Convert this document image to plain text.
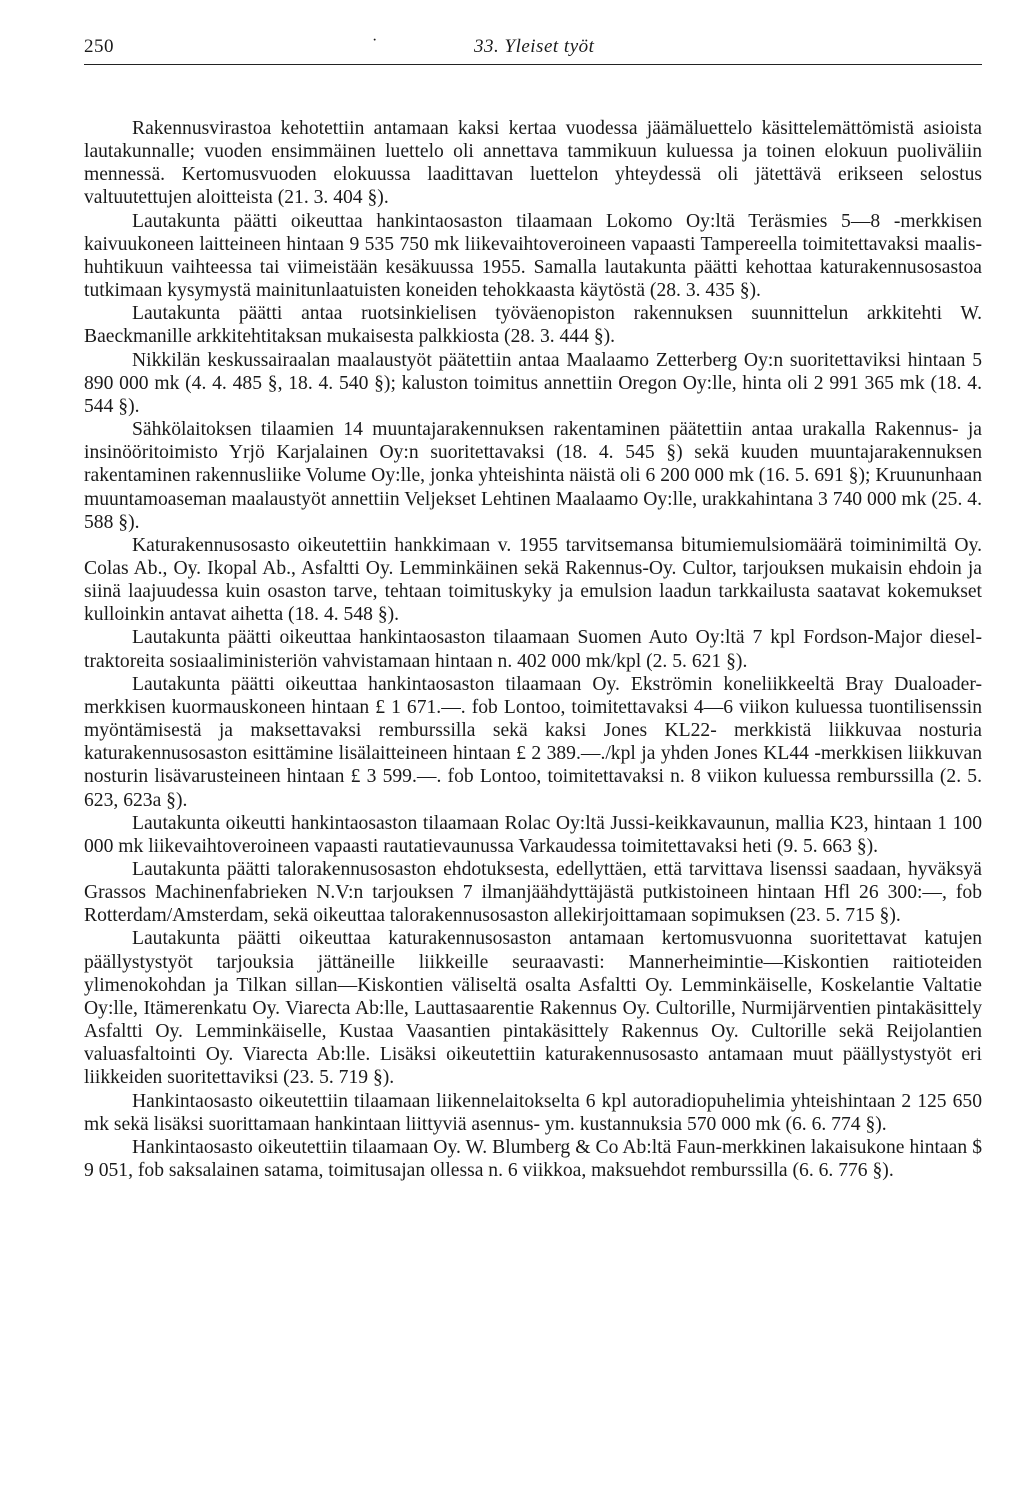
250	·	33. Yleiset työt

Rakennusvirastoa kehotettiin antamaan kaksi kertaa vuodessa jäämäluettelo käsittelemättömistä asioista lautakunnalle; vuoden ensimmäinen luettelo oli annettava tammikuun kuluessa ja toinen elokuun puoliväliin mennessä. Kertomusvuoden elokuussa laadittavan luettelon yhteydessä oli jätettävä erikseen selostus valtuutettujen aloitteista (21. 3. 404 §).

Lautakunta päätti oikeuttaa hankintaosaston tilaamaan Lokomo Oy:ltä Teräsmies 5—8 -merkkisen kaivuukoneen laitteineen hintaan 9 535 750 mk liikevaihtoveroineen vapaasti Tampereella toimitettavaksi maalis-huhtikuun vaihteessa tai viimeistään kesäkuussa 1955. Samalla lautakunta päätti kehottaa katurakennusosastoa tutkimaan kysymystä mainitunlaatuisten koneiden tehokkaasta käytöstä (28. 3. 435 §).

Lautakunta päätti antaa ruotsinkielisen työväenopiston rakennuksen suunnittelun arkkitehti W. Baeckmanille arkkitehtitaksan mukaisesta palkkiosta (28. 3. 444 §).

Nikkilän keskussairaalan maalaustyöt päätettiin antaa Maalaamo Zetterberg Oy:n suoritettaviksi hintaan 5 890 000 mk (4. 4. 485 §, 18. 4. 540 §); kaluston toimitus annettiin Oregon Oy:lle, hinta oli 2 991 365 mk (18. 4. 544 §).

Sähkölaitoksen tilaamien 14 muuntajarakennuksen rakentaminen päätettiin antaa urakalla Rakennus- ja insinööritoimisto Yrjö Karjalainen Oy:n suoritettavaksi (18. 4. 545 §) sekä kuuden muuntajarakennuksen rakentaminen rakennusliike Volume Oy:lle, jonka yhteishinta näistä oli 6 200 000 mk (16. 5. 691 §); Kruununhaan muuntamoaseman maalaustyöt annettiin Veljekset Lehtinen Maalaamo Oy:lle, urakkahintana 3 740 000 mk (25. 4. 588 §).

Katurakennusosasto oikeutettiin hankkimaan v. 1955 tarvitsemansa bitumiemulsiomäärä toiminimiltä Oy. Colas Ab., Oy. Ikopal Ab., Asfaltti Oy. Lemminkäinen sekä Rakennus-Oy. Cultor, tarjouksen mukaisin ehdoin ja siinä laajuudessa kuin osaston tarve, tehtaan toimituskyky ja emulsion laadun tarkkailusta saatavat kokemukset kulloinkin antavat aihetta (18. 4. 548 §).

Lautakunta päätti oikeuttaa hankintaosaston tilaamaan Suomen Auto Oy:ltä 7 kpl Fordson-Major diesel-traktoreita sosiaaliministeriön vahvistamaan hintaan n. 402 000 mk/kpl (2. 5. 621 §).

Lautakunta päätti oikeuttaa hankintaosaston tilaamaan Oy. Ekströmin koneliikkeeltä Bray Dualoader-merkkisen kuormauskoneen hintaan £ 1 671.—. fob Lontoo, toimitettavaksi 4—6 viikon kuluessa tuontilisenssin myöntämisestä ja maksettavaksi remburssilla sekä kaksi Jones KL22- merkkistä liikkuvaa nosturia katurakennusosaston esittämine lisälaitteineen hintaan £ 2 389.—./kpl ja yhden Jones KL44 -merkkisen liikkuvan nosturin lisävarusteineen hintaan £ 3 599.—. fob Lontoo, toimitettavaksi n. 8 viikon kuluessa remburssilla (2. 5. 623, 623a §).

Lautakunta oikeutti hankintaosaston tilaamaan Rolac Oy:ltä Jussi-keikkavaunun, mallia K23, hintaan 1 100 000 mk liikevaihtoveroineen vapaasti rautatievaunussa Varkaudessa toimitettavaksi heti (9. 5. 663 §).

Lautakunta päätti talorakennusosaston ehdotuksesta, edellyttäen, että tarvittava lisenssi saadaan, hyväksyä Grassos Machinenfabrieken N.V:n tarjouksen 7 ilmanjäähdyttäjästä putkistoineen hintaan Hfl 26 300:—, fob Rotterdam/Amsterdam, sekä oikeuttaa talorakennusosaston allekirjoittamaan sopimuksen (23. 5. 715 §).

Lautakunta päätti oikeuttaa katurakennusosaston antamaan kertomusvuonna suoritettavat katujen päällystystyöt tarjouksia jättäneille liikkeille seuraavasti: Mannerheimintie—Kiskontien raitioteiden ylimenokohdan ja Tilkan sillan—Kiskontien väliseltä osalta Asfaltti Oy. Lemminkäiselle, Koskelantie Valtatie Oy:lle, Itämerenkatu Oy. Viarecta Ab:lle, Lauttasaarentie Rakennus Oy. Cultorille, Nurmijärventien pintakäsittely Asfaltti Oy. Lemminkäiselle, Kustaa Vaasantien pintakäsittely Rakennus Oy. Cultorille sekä Reijolantien valuasfaltointi Oy. Viarecta Ab:lle. Lisäksi oikeutettiin katurakennusosasto antamaan muut päällystystyöt eri liikkeiden suoritettaviksi (23. 5. 719 §).

Hankintaosasto oikeutettiin tilaamaan liikennelaitokselta 6 kpl autoradiopuhelimia yhteishintaan 2 125 650 mk sekä lisäksi suorittamaan hankintaan liittyviä asennus- ym. kustannuksia 570 000 mk (6. 6. 774 §).

Hankintaosasto oikeutettiin tilaamaan Oy. W. Blumberg & Co Ab:ltä Faun-merkkinen lakaisukone hintaan $ 9 051, fob saksalainen satama, toimitusajan ollessa n. 6 viikkoa, maksuehdot remburssilla (6. 6. 776 §).
